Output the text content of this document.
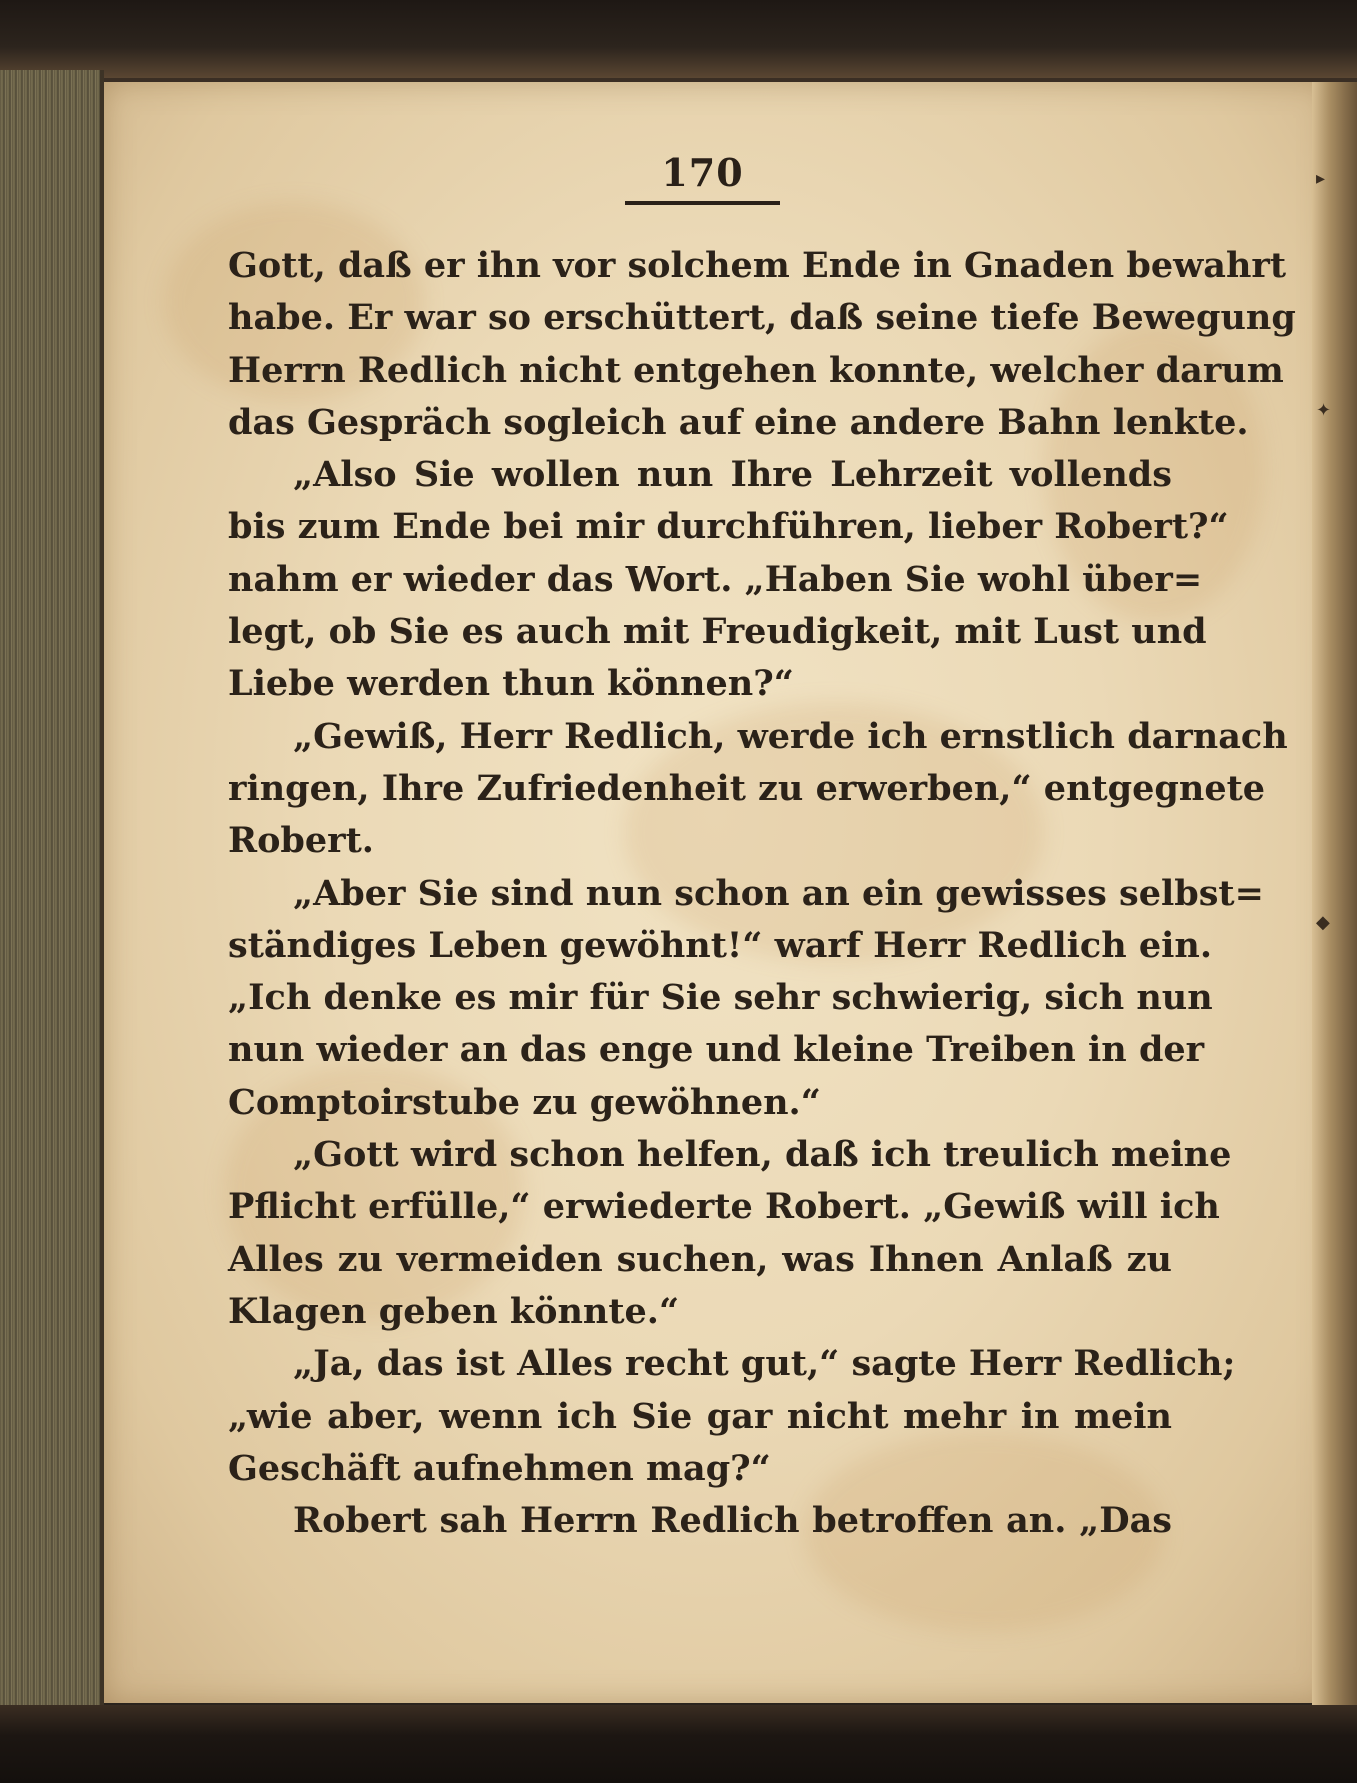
▸
✦
◆
170
Gott, daß er ihn vor solchem Ende in Gnaden bewahrt
habe. Er war so erschüttert, daß seine tiefe Bewegung
Herrn Redlich nicht entgehen konnte, welcher darum
das Gespräch sogleich auf eine andere Bahn lenkte.
„Also Sie wollen nun Ihre Lehrzeit vollends
bis zum Ende bei mir durchführen, lieber Robert?“
nahm er wieder das Wort. „Haben Sie wohl über=
legt, ob Sie es auch mit Freudigkeit, mit Lust und
Liebe werden thun können?“
„Gewiß, Herr Redlich, werde ich ernstlich darnach
ringen, Ihre Zufriedenheit zu erwerben,“ entgegnete
Robert.
„Aber Sie sind nun schon an ein gewisses selbst=
ständiges Leben gewöhnt!“ warf Herr Redlich ein.
„Ich denke es mir für Sie sehr schwierig, sich nun
nun wieder an das enge und kleine Treiben in der
Comptoirstube zu gewöhnen.“
„Gott wird schon helfen, daß ich treulich meine
Pflicht erfülle,“ erwiederte Robert. „Gewiß will ich
Alles zu vermeiden suchen, was Ihnen Anlaß zu
Klagen geben könnte.“
„Ja, das ist Alles recht gut,“ sagte Herr Redlich;
„wie aber, wenn ich Sie gar nicht mehr in mein
Geschäft aufnehmen mag?“
Robert sah Herrn Redlich betroffen an. „Das
